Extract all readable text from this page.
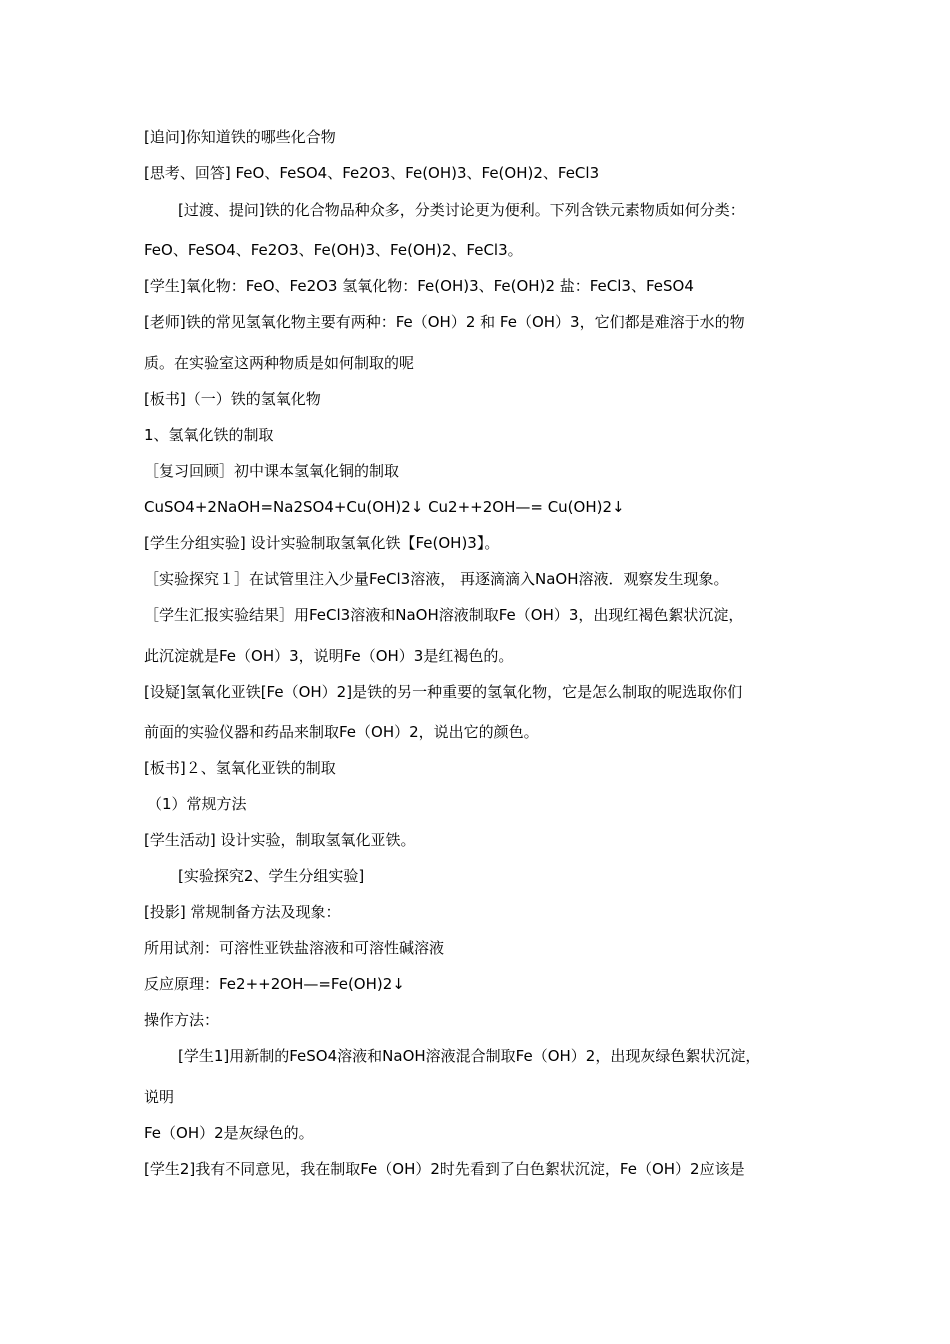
[追问]你知道铁的哪些化合物
[思考、回答] FeO、FeSO4、Fe2O3、Fe(OH)3、Fe(OH)2、FeCl3
[过渡、提问]铁的化合物品种众多，分类讨论更为便利。下列含铁元素物质如何分类：
FeO、FeSO4、Fe2O3、Fe(OH)3、Fe(OH)2、FeCl3。
[学生]氧化物：FeO、Fe2O3 氢氧化物：Fe(OH)3、Fe(OH)2 盐：FeCl3、FeSO4
[老师]铁的常见氢氧化物主要有两种：Fe（OH）2 和 Fe（OH）3，它们都是难溶于水的物
质。在实验室这两种物质是如何制取的呢
[板书]（一）铁的氢氧化物
1、氢氧化铁的制取
［复习回顾］初中课本氢氧化铜的制取
CuSO4+2NaOH=Na2SO4+Cu(OH)2↓ Cu2++2OH—= Cu(OH)2↓
[学生分组实验] 设计实验制取氢氧化铁【Fe(OH)3】。
［实验探究１］在试管里注入少量FeCl3溶液， 再逐滴滴入NaOH溶液．观察发生现象。
［学生汇报实验结果］用FeCl3溶液和NaOH溶液制取Fe（OH）3，出现红褐色絮状沉淀，
此沉淀就是Fe（OH）3，说明Fe（OH）3是红褐色的。
[设疑]氢氧化亚铁[Fe（OH）2]是铁的另一种重要的氢氧化物，它是怎么制取的呢选取你们
前面的实验仪器和药品来制取Fe（OH）2，说出它的颜色。
[板书]２、氢氧化亚铁的制取
（1）常规方法
[学生活动] 设计实验，制取氢氧化亚铁。
[实验探究2、学生分组实验]
[投影] 常规制备方法及现象：
所用试剂：可溶性亚铁盐溶液和可溶性碱溶液
反应原理：Fe2++2OH—=Fe(OH)2↓
操作方法：
[学生1]用新制的FeSO4溶液和NaOH溶液混合制取Fe（OH）2，出现灰绿色絮状沉淀，
说明
Fe（OH）2是灰绿色的。
[学生2]我有不同意见，我在制取Fe（OH）2时先看到了白色絮状沉淀，Fe（OH）2应该是
